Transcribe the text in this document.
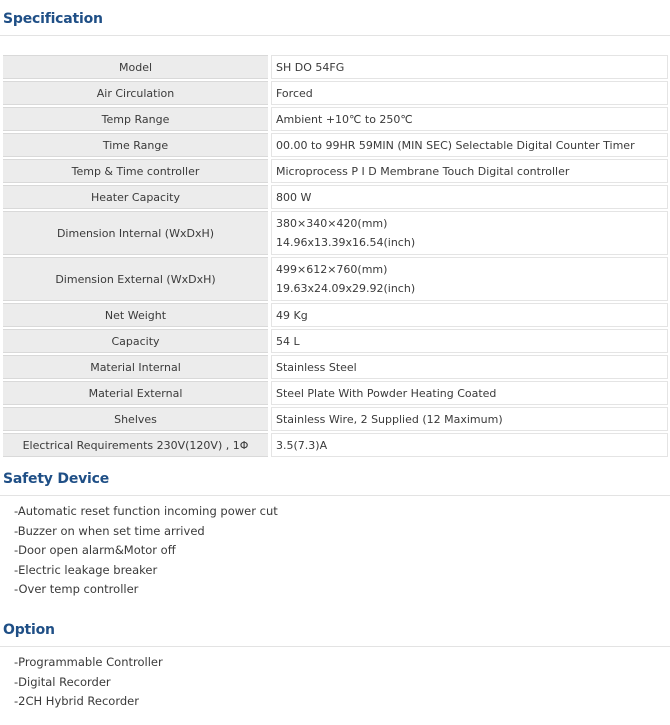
Specification
Model		SH DO 54FG
Air Circulation		Forced
Temp Range		Ambient +10℃ to 250℃
Time Range		00.00 to 99HR 59MIN (MIN SEC) Selectable Digital Counter Timer
Temp & Time controller		Microprocess P I D Membrane Touch Digital controller
Heater Capacity		800 W
Dimension Internal (WxDxH)		380×340×420(mm)
14.96x13.39x16.54(inch)

Dimension External (WxDxH)		499×612×760(mm)
19.63x24.09x29.92(inch)

Net Weight		49 Kg
Capacity		54 L
Material Internal		Stainless Steel
Material External		Steel Plate With Powder Heating Coated
Shelves		Stainless Wire, 2 Supplied (12 Maximum)
Electrical Requirements 230V(120V) , 1Φ		3.5(7.3)A
Safety Device
-Automatic reset function incoming power cut
-Buzzer on when set time arrived
-Door open alarm&Motor off
-Electric leakage breaker
-Over temp controller
Option
-Programmable Controller
-Digital Recorder
-2CH Hybrid Recorder
